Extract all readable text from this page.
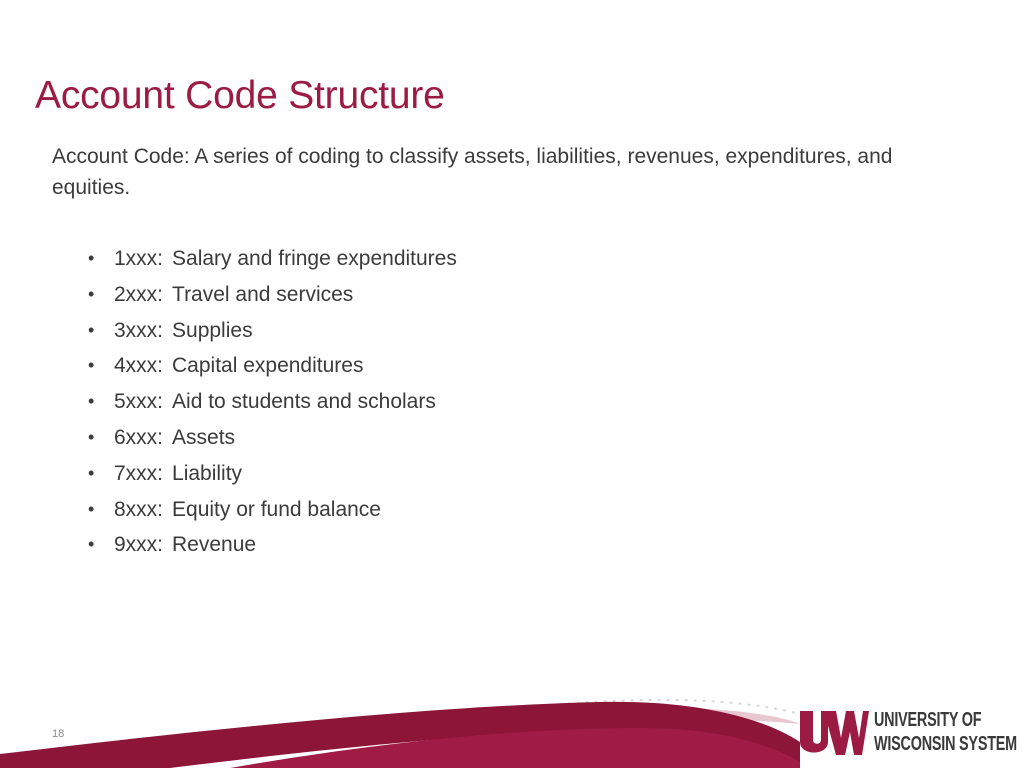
Account Code Structure

Account Code: A series of coding to classify assets, liabilities, revenues, expenditures, and equities.

• 1xxx: Salary and fringe expenditures
• 2xxx: Travel and services
• 3xxx: Supplies
• 4xxx: Capital expenditures
• 5xxx: Aid to students and scholars
• 6xxx: Assets
• 7xxx: Liability
• 8xxx: Equity or fund balance
• 9xxx: Revenue
18
UNIVERSITY OF
WISCONSIN SYSTEM
